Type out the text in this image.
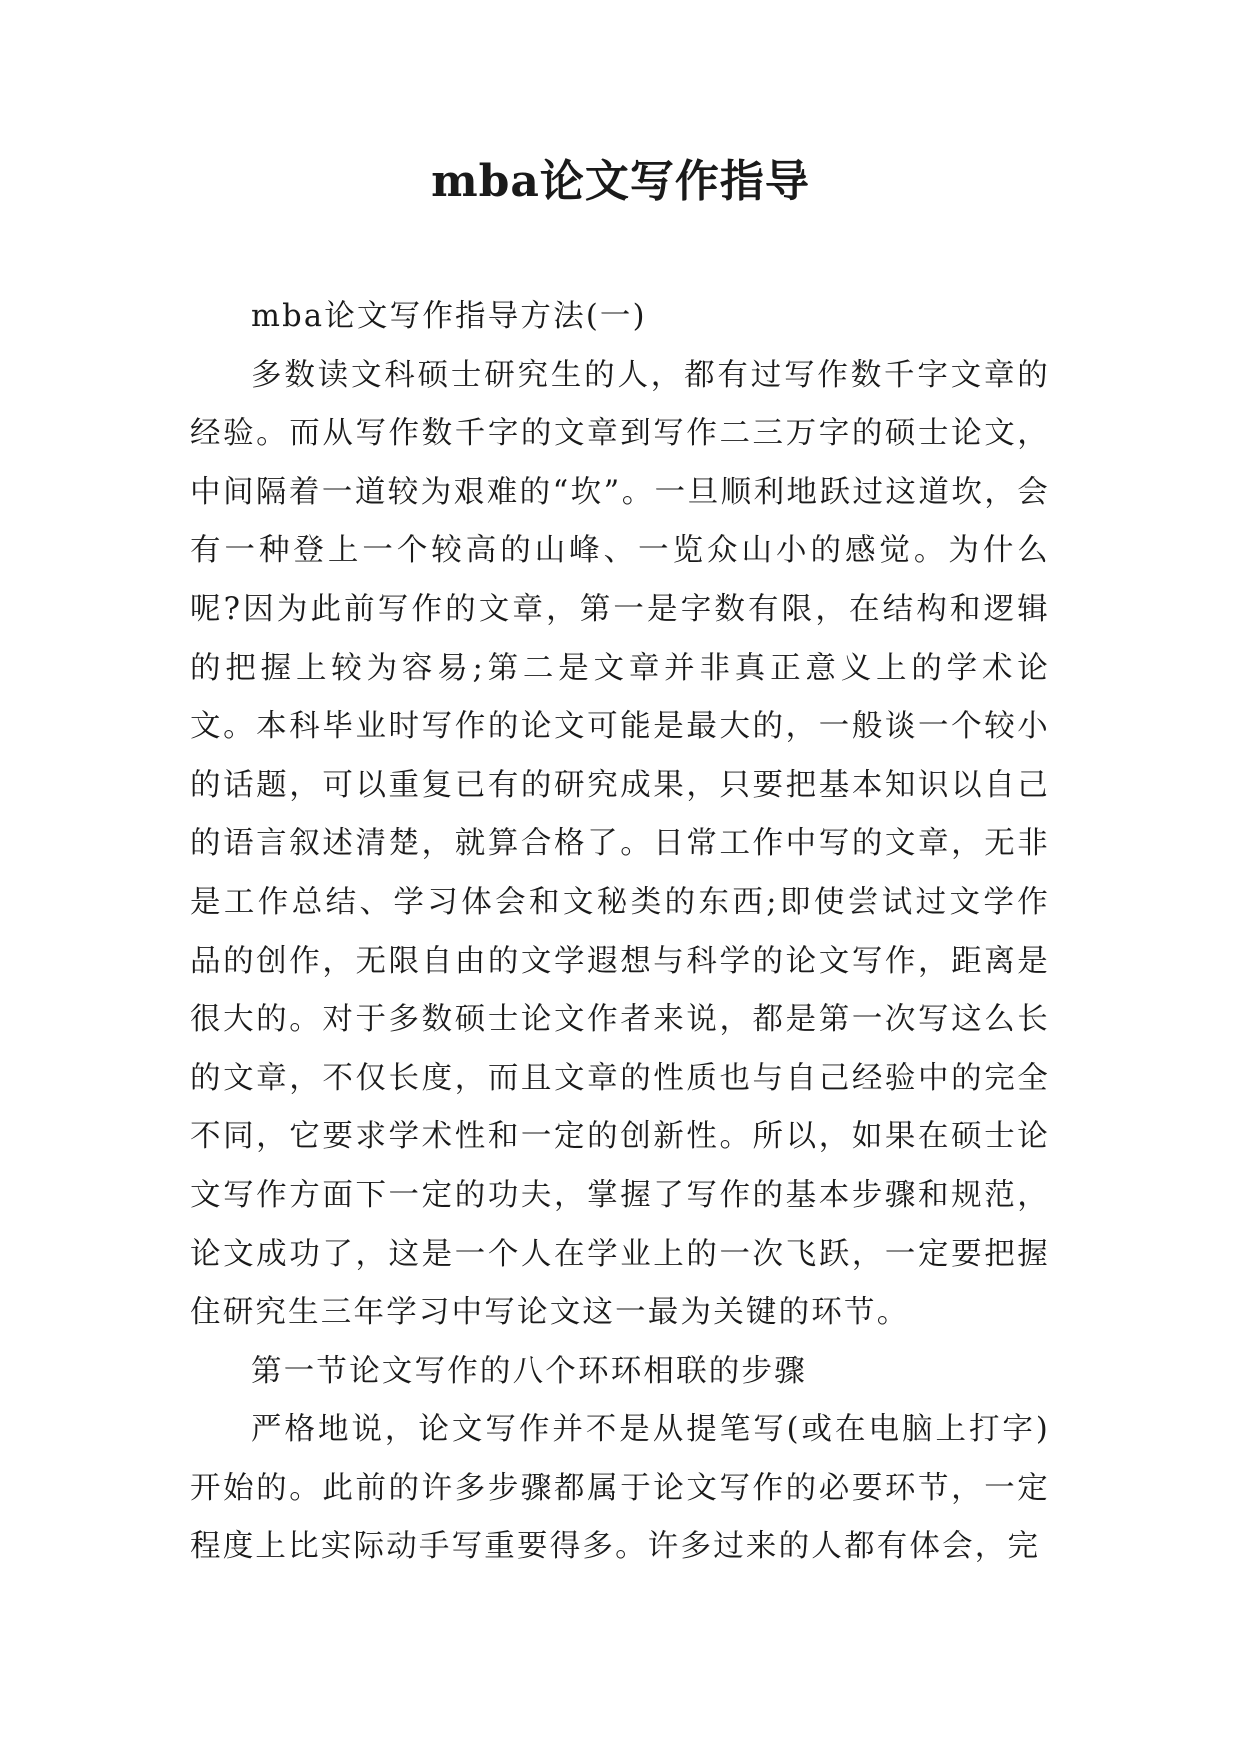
mba论文写作指导

mba论文写作指导方法(一)

多数读文科硕士研究生的人，都有过写作数千字文章的经验。而从写作数千字的文章到写作二三万字的硕士论文，中间隔着一道较为艰难的“坎”。一旦顺利地跃过这道坎，会有一种登上一个较高的山峰、一览众山小的感觉。为什么呢?因为此前写作的文章，第一是字数有限，在结构和逻辑的把握上较为容易;第二是文章并非真正意义上的学术论文。本科毕业时写作的论文可能是最大的，一般谈一个较小的话题，可以重复已有的研究成果，只要把基本知识以自己的语言叙述清楚，就算合格了。日常工作中写的文章，无非是工作总结、学习体会和文秘类的东西;即使尝试过文学作品的创作，无限自由的文学遐想与科学的论文写作，距离是很大的。对于多数硕士论文作者来说，都是第一次写这么长的文章，不仅长度，而且文章的性质也与自己经验中的完全不同，它要求学术性和一定的创新性。所以，如果在硕士论文写作方面下一定的功夫，掌握了写作的基本步骤和规范，论文成功了，这是一个人在学业上的一次飞跃，一定要把握住研究生三年学习中写论文这一最为关键的环节。

第一节论文写作的八个环环相联的步骤

严格地说，论文写作并不是从提笔写(或在电脑上打字)开始的。此前的许多步骤都属于论文写作的必要环节，一定程度上比实际动手写重要得多。许多过来的人都有体会，完
